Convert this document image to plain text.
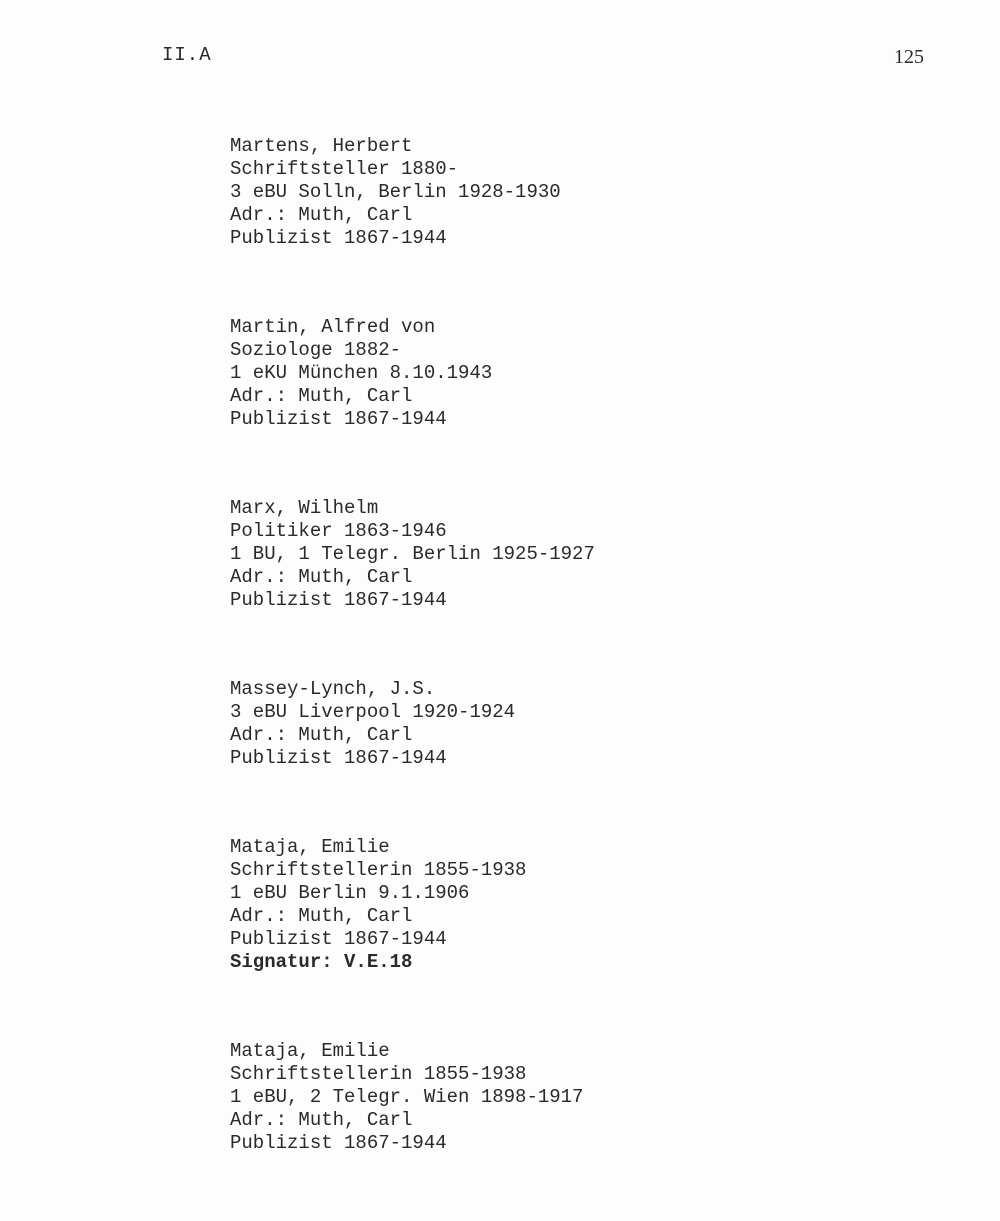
II.A	125
Martens, Herbert
Schriftsteller 1880-
3 eBU Solln, Berlin 1928-1930
Adr.: Muth, Carl
Publizist 1867-1944
Martin, Alfred von
Soziologe 1882-
1 eKU München 8.10.1943
Adr.: Muth, Carl
Publizist 1867-1944
Marx, Wilhelm
Politiker 1863-1946
1 BU, 1 Telegr. Berlin 1925-1927
Adr.: Muth, Carl
Publizist 1867-1944
Massey-Lynch, J.S.
3 eBU Liverpool 1920-1924
Adr.: Muth, Carl
Publizist 1867-1944
Mataja, Emilie
Schriftstellerin 1855-1938
1 eBU Berlin 9.1.1906
Adr.: Muth, Carl
Publizist 1867-1944
Signatur: V.E.18
Mataja, Emilie
Schriftstellerin 1855-1938
1 eBU, 2 Telegr. Wien 1898-1917
Adr.: Muth, Carl
Publizist 1867-1944
